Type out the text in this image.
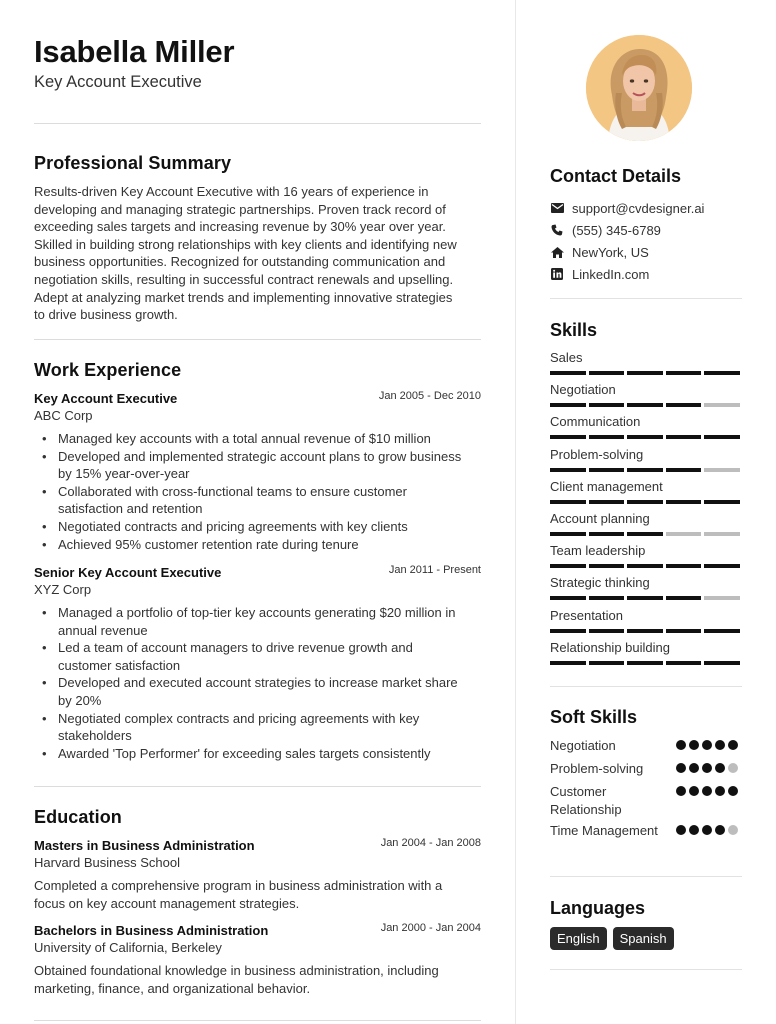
Isabella Miller
Key Account Executive
Professional Summary
Results-driven Key Account Executive with 16 years of experience in
developing and managing strategic partnerships. Proven track record of
exceeding sales targets and increasing revenue by 30% year over year.
Skilled in building strong relationships with key clients and identifying new
business opportunities. Recognized for outstanding communication and
negotiation skills, resulting in successful contract renewals and upselling.
Adept at analyzing market trends and implementing innovative strategies
to drive business growth.
Work Experience
Key Account Executive	Jan 2005 - Dec 2010
ABC Corp
• Managed key accounts with a total annual revenue of $10 million
• Developed and implemented strategic account plans to grow business
by 15% year-over-year
• Collaborated with cross-functional teams to ensure customer
satisfaction and retention
• Negotiated contracts and pricing agreements with key clients
• Achieved 95% customer retention rate during tenure
Senior Key Account Executive	Jan 2011 - Present
XYZ Corp
• Managed a portfolio of top-tier key accounts generating $20 million in
annual revenue
• Led a team of account managers to drive revenue growth and
customer satisfaction
• Developed and executed account strategies to increase market share
by 20%
• Negotiated complex contracts and pricing agreements with key
stakeholders
• Awarded 'Top Performer' for exceeding sales targets consistently
Education
Masters in Business Administration	Jan 2004 - Jan 2008
Harvard Business School
Completed a comprehensive program in business administration with a
focus on key account management strategies.
Bachelors in Business Administration	Jan 2000 - Jan 2004
University of California, Berkeley
Obtained foundational knowledge in business administration, including
marketing, finance, and organizational behavior.
Contact Details
support@cvdesigner.ai
(555) 345-6789
NewYork, US
LinkedIn.com
Skills
Sales
Negotiation
Communication
Problem-solving
Client management
Account planning
Team leadership
Strategic thinking
Presentation
Relationship building
Soft Skills
Negotiation
Problem-solving
Customer Relationship
Time Management
Languages
English	Spanish
